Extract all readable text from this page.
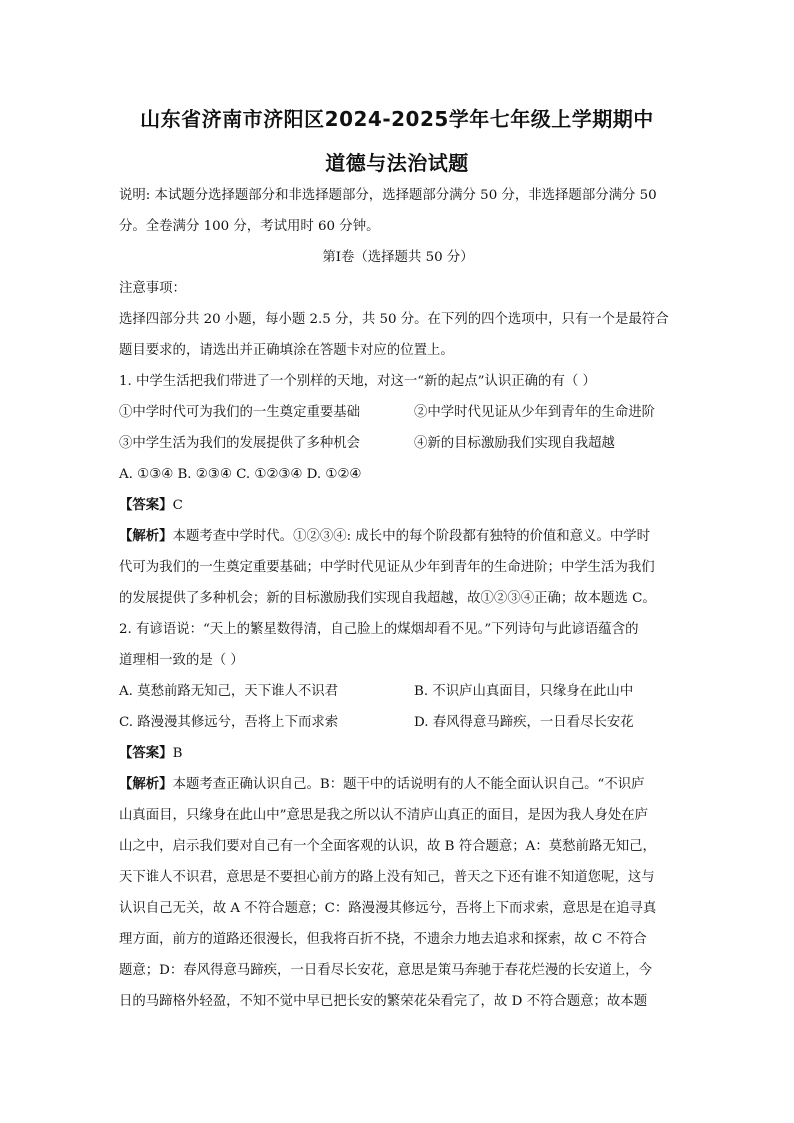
山东省济南市济阳区2024-2025学年七年级上学期期中
道德与法治试题
说明: 本试题分选择题部分和非选择题部分，选择题部分满分 50 分，非选择题部分满分 50
分。全卷满分 100 分，考试用时 60 分钟。
第Ⅰ卷（选择题共 50 分）
注意事项：
选择四部分共 20 小题，每小题 2.5 分，共 50 分。在下列的四个选项中，只有一个是最符合
题目要求的，请选出并正确填涂在答题卡对应的位置上。
1. 中学生活把我们带进了一个别样的天地，对这一“新的起点”认识正确的有（ ）
①中学时代可为我们的一生奠定重要基础	②中学时代见证从少年到青年的生命进阶
③中学生活为我们的发展提供了多种机会	④新的目标激励我们实现自我超越
A. ①③④ B. ②③④ C. ①②③④ D. ①②④
【答案】C
【解析】本题考查中学时代。①②③④: 成长中的每个阶段都有独特的价值和意义。中学时
代可为我们的一生奠定重要基础；中学时代见证从少年到青年的生命进阶；中学生活为我们
的发展提供了多种机会；新的目标激励我们实现自我超越，故①②③④正确；故本题选 C。
2. 有谚语说：“天上的繁星数得清，自己脸上的煤烟却看不见。”下列诗句与此谚语蕴含的
道理相一致的是（ ）
A. 莫愁前路无知己，天下谁人不识君	B. 不识庐山真面目，只缘身在此山中
C. 路漫漫其修远兮，吾将上下而求索	D. 春风得意马蹄疾，一日看尽长安花
【答案】B
【解析】本题考查正确认识自己。B：题干中的话说明有的人不能全面认识自己。“不识庐
山真面目，只缘身在此山中”意思是我之所以认不清庐山真正的面目，是因为我人身处在庐
山之中，启示我们要对自己有一个全面客观的认识，故 B 符合题意；A：莫愁前路无知己，
天下谁人不识君，意思是不要担心前方的路上没有知己，普天之下还有谁不知道您呢，这与
认识自己无关，故 A 不符合题意；C：路漫漫其修远兮，吾将上下而求索，意思是在追寻真
理方面，前方的道路还很漫长，但我将百折不挠，不遗余力地去追求和探索，故 C 不符合
题意；D：春风得意马蹄疾，一日看尽长安花，意思是策马奔驰于春花烂漫的长安道上，今
日的马蹄格外轻盈，不知不觉中早已把长安的繁荣花朵看完了，故 D 不符合题意；故本题
